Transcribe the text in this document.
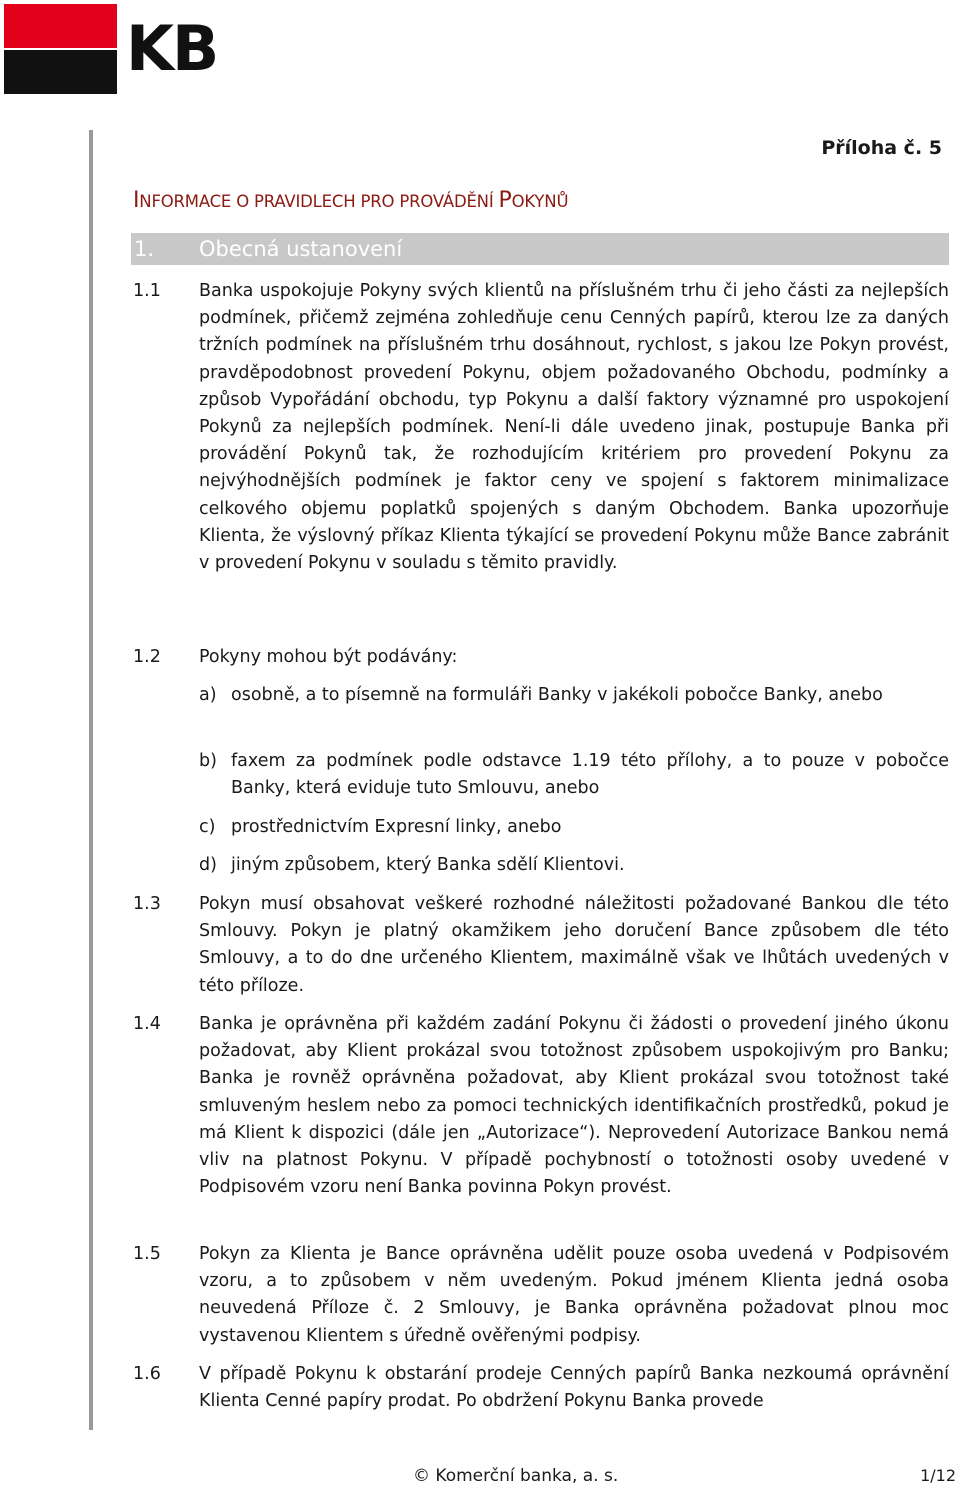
KB
Příloha č. 5
INFORMACE O PRAVIDLECH PRO PROVÁDĚNÍ POKYNŮ
1. Obecná ustanovení
1.1	Banka uspokojuje Pokyny svých klientů na příslušném trhu či jeho části za nejlepších podmínek, přičemž zejména zohledňuje cenu Cenných papírů, kterou lze za daných tržních podmínek na příslušném trhu dosáhnout, rychlost, s jakou lze Pokyn provést, pravděpodobnost provedení Pokynu, objem požadovaného Obchodu, podmínky a způsob Vypořádání obchodu, typ Pokynu a další faktory významné pro uspokojení Pokynů za nejlepších podmínek. Není-li dále uvedeno jinak, postupuje Banka při provádění Pokynů tak, že rozhodujícím kritériem pro provedení Pokynu za nejvýhodnějších podmínek je faktor ceny ve spojení s faktorem minimalizace celkového objemu poplatků spojených s daným Obchodem. Banka upozorňuje Klienta, že výslovný příkaz Klienta týkající se provedení Pokynu může Bance zabránit v provedení Pokynu v souladu s těmito pravidly.
1.2	Pokyny mohou být podávány:
a) osobně, a to písemně na formuláři Banky v jakékoli pobočce Banky, anebo
b) faxem za podmínek podle odstavce 1.19 této přílohy, a to pouze v pobočce Banky, která eviduje tuto Smlouvu, anebo
c) prostřednictvím Expresní linky, anebo
d) jiným způsobem, který Banka sdělí Klientovi.
1.3	Pokyn musí obsahovat veškeré rozhodné náležitosti požadované Bankou dle této Smlouvy. Pokyn je platný okamžikem jeho doručení Bance způsobem dle této Smlouvy, a to do dne určeného Klientem, maximálně však ve lhůtách uvedených v této příloze.
1.4	Banka je oprávněna při každém zadání Pokynu či žádosti o provedení jiného úkonu požadovat, aby Klient prokázal svou totožnost způsobem uspokojivým pro Banku; Banka je rovněž oprávněna požadovat, aby Klient prokázal svou totožnost také smluveným heslem nebo za pomoci technických identifikačních prostředků, pokud je má Klient k dispozici (dále jen „Autorizace“). Neprovedení Autorizace Bankou nemá vliv na platnost Pokynu. V případě pochybností o totožnosti osoby uvedené v Podpisovém vzoru není Banka povinna Pokyn provést.
1.5	Pokyn za Klienta je Bance oprávněna udělit pouze osoba uvedená v Podpisovém vzoru, a to způsobem v něm uvedeným. Pokud jménem Klienta jedná osoba neuvedená Příloze č. 2 Smlouvy, je Banka oprávněna požadovat plnou moc vystavenou Klientem s úředně ověřenými podpisy.
1.6	V případě Pokynu k obstarání prodeje Cenných papírů Banka nezkoumá oprávnění Klienta Cenné papíry prodat. Po obdržení Pokynu Banka provede
© Komerční banka, a. s.	1/12
